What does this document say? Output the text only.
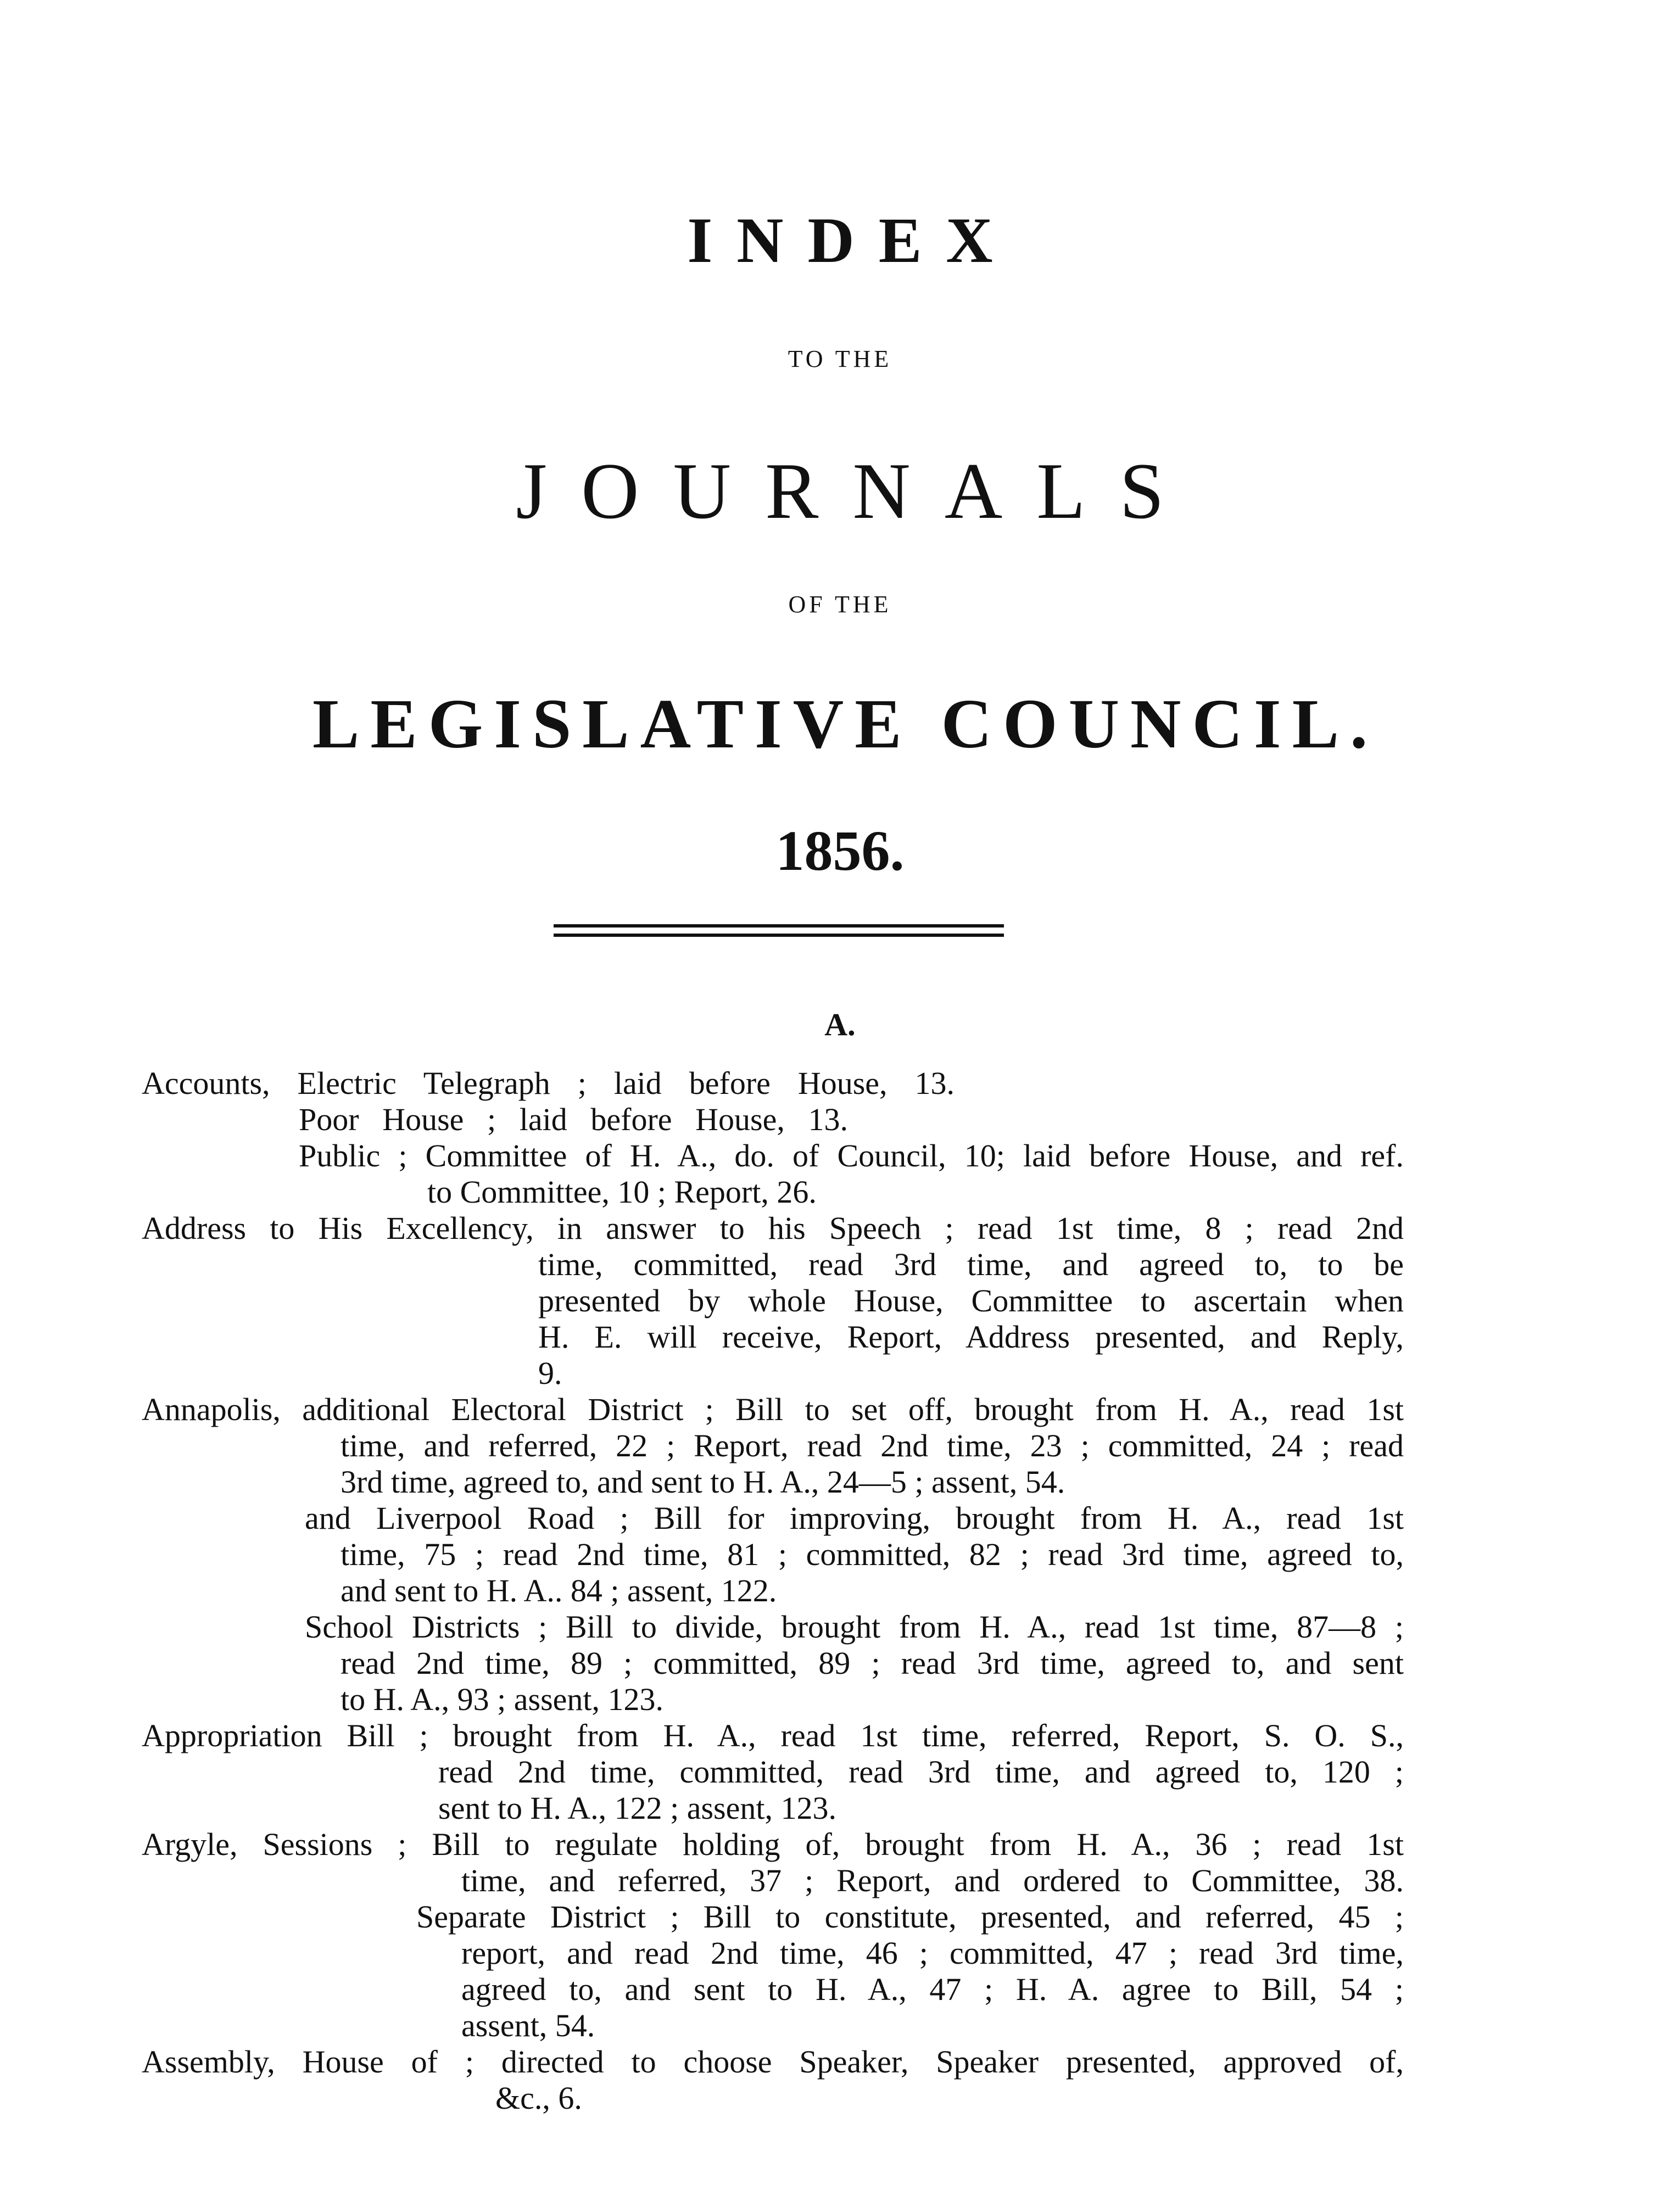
INDEX
TO THE
JOURNALS
OF THE
LEGISLATIVE COUNCIL.
1856.
A.
Accounts, Electric Telegraph ; laid before House, 13.
Poor House ; laid before House, 13.
Public ; Committee of H. A., do. of Council, 10; laid before House, and ref.
to Committee, 10 ; Report, 26.
Address to His Excellency, in answer to his Speech ; read 1st time, 8 ; read 2nd
time, committed, read 3rd time, and agreed to, to be
presented by whole House, Committee to ascertain when
H. E. will receive, Report, Address presented, and Reply,
9.
Annapolis, additional Electoral District ; Bill to set off, brought from H. A., read 1st
time, and referred, 22 ; Report, read 2nd time, 23 ; committed, 24 ; read
3rd time, agreed to, and sent to H. A., 24—5 ; assent, 54.
and Liverpool Road ; Bill for improving, brought from H. A., read 1st
time, 75 ; read 2nd time, 81 ; committed, 82 ; read 3rd time, agreed to,
and sent to H. A.. 84 ; assent, 122.
School Districts ; Bill to divide, brought from H. A., read 1st time, 87—8 ;
read 2nd time, 89 ; committed, 89 ; read 3rd time, agreed to, and sent
to H. A., 93 ; assent, 123.
Appropriation Bill ; brought from H. A., read 1st time, referred, Report, S. O. S.,
read 2nd time, committed, read 3rd time, and agreed to, 120 ;
sent to H. A., 122 ; assent, 123.
Argyle, Sessions ; Bill to regulate holding of, brought from H. A., 36 ; read 1st
time, and referred, 37 ; Report, and ordered to Committee, 38.
Separate District ; Bill to constitute, presented, and referred, 45 ;
report, and read 2nd time, 46 ; committed, 47 ; read 3rd time,
agreed to, and sent to H. A., 47 ; H. A. agree to Bill, 54 ;
assent, 54.
Assembly, House of ; directed to choose Speaker, Speaker presented, approved of,
&c., 6.
